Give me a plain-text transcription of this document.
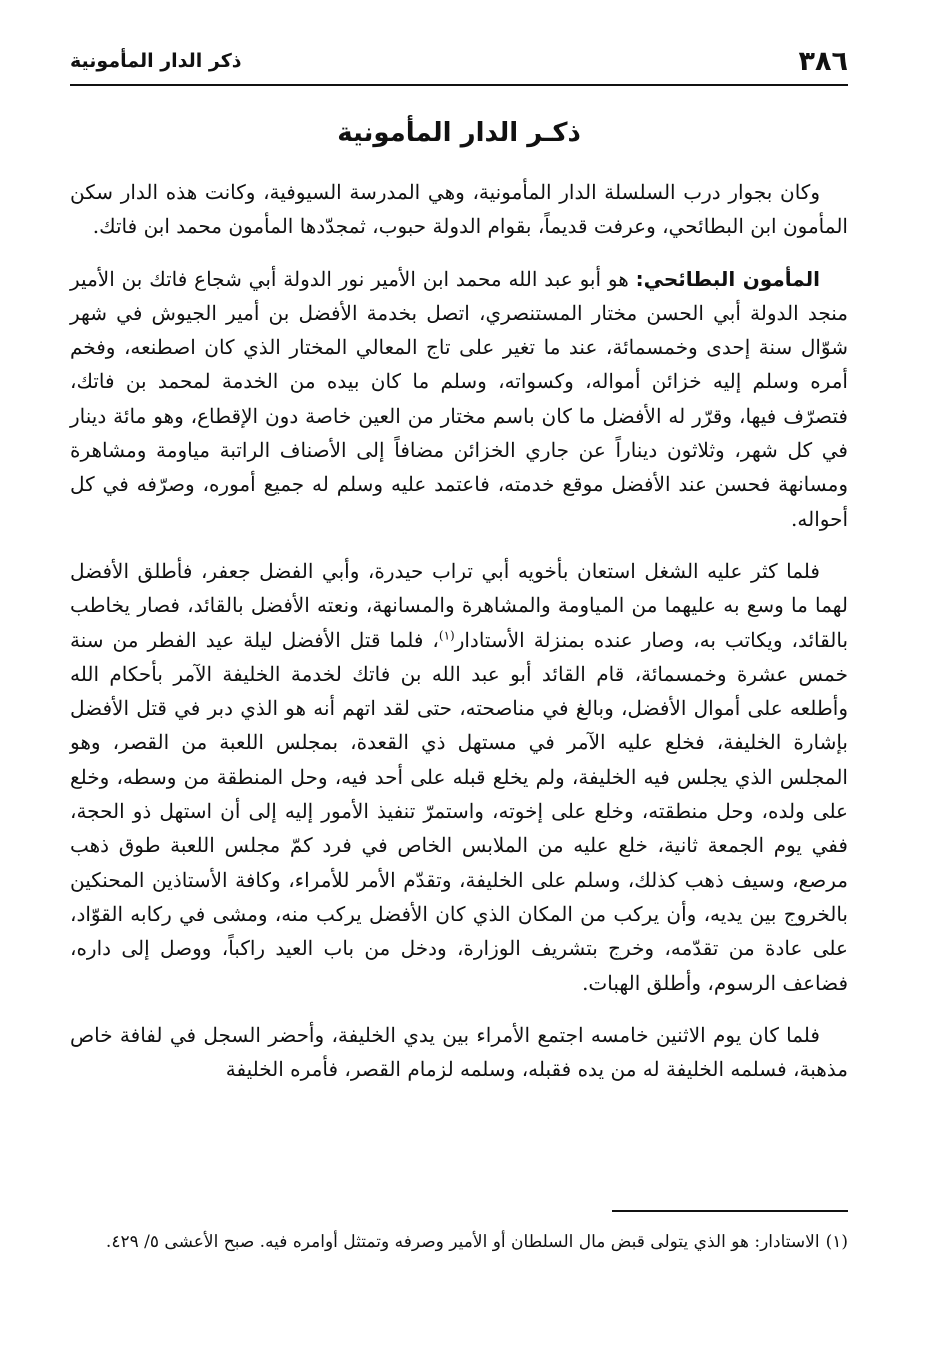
٣٨٦
ذكر الدار المأمونية
ذكـر الدار المأمونية

وكان بجوار درب السلسلة الدار المأمونية، وهي المدرسة السيوفية، وكانت هذه الدار سكن المأمون ابن البطائحي، وعرفت قديماً، بقوام الدولة حبوب، ثمجدّدها المأمون محمد ابن فاتك.

المأمون البطائحي: هو أبو عبد الله محمد ابن الأمير نور الدولة أبي شجاع فاتك بن الأمير منجد الدولة أبي الحسن مختار المستنصري، اتصل بخدمة الأفضل بن أمير الجيوش في شهر شوّال سنة إحدى وخمسمائة، عند ما تغير على تاج المعالي المختار الذي كان اصطنعه، وفخم أمره وسلم إليه خزائن أمواله، وكسواته، وسلم ما كان بيده من الخدمة لمحمد بن فاتك، فتصرّف فيها، وقرّر له الأفضل ما كان باسم مختار من العين خاصة دون الإقطاع، وهو مائة دينار في كل شهر، وثلاثون ديناراً عن جاري الخزائن مضافاً إلى الأصناف الراتبة مياومة ومشاهرة ومسانهة فحسن عند الأفضل موقع خدمته، فاعتمد عليه وسلم له جميع أموره، وصرّفه في كل أحواله.

فلما كثر عليه الشغل استعان بأخويه أبي تراب حيدرة، وأبي الفضل جعفر، فأطلق الأفضل لهما ما وسع به عليهما من المياومة والمشاهرة والمسانهة، ونعته الأفضل بالقائد، فصار يخاطب بالقائد، ويكاتب به، وصار عنده بمنزلة الأستادار$^{(١)}$، فلما قتل الأفضل ليلة عيد الفطر من سنة خمس عشرة وخمسمائة، قام القائد أبو عبد الله بن فاتك لخدمة الخليفة الآمر بأحكام الله وأطلعه على أموال الأفضل، وبالغ في مناصحته، حتى لقد اتهم أنه هو الذي دبر في قتل الأفضل بإشارة الخليفة، فخلع عليه الآمر في مستهل ذي القعدة، بمجلس اللعبة من القصر، وهو المجلس الذي يجلس فيه الخليفة، ولم يخلع قبله على أحد فيه، وحل المنطقة من وسطه، وخلع على ولده، وحل منطقته، وخلع على إخوته، واستمرّ تنفيذ الأمور إليه إلى أن استهل ذو الحجة، ففي يوم الجمعة ثانية، خلع عليه من الملابس الخاص في فرد كمّ مجلس اللعبة طوق ذهب مرصع، وسيف ذهب كذلك، وسلم على الخليفة، وتقدّم الأمر للأمراء، وكافة الأستاذين المحنكين بالخروج بين يديه، وأن يركب من المكان الذي كان الأفضل يركب منه، ومشى في ركابه القوّاد، على عادة من تقدّمه، وخرج بتشريف الوزارة، ودخل من باب العيد راكباً، ووصل إلى داره، فضاعف الرسوم، وأطلق الهبات.

فلما كان يوم الاثنين خامسه اجتمع الأمراء بين يدي الخليفة، وأحضر السجل في لفافة خاص مذهبة، فسلمه الخليفة له من يده فقبله، وسلمه لزمام القصر، فأمره الخليفة

(١)الاستادار: هو الذي يتولى قبض مال السلطان أو الأمير وصرفه وتمتثل أوامره فيه. صبح الأعشى ٥/ ٤٢٩.
